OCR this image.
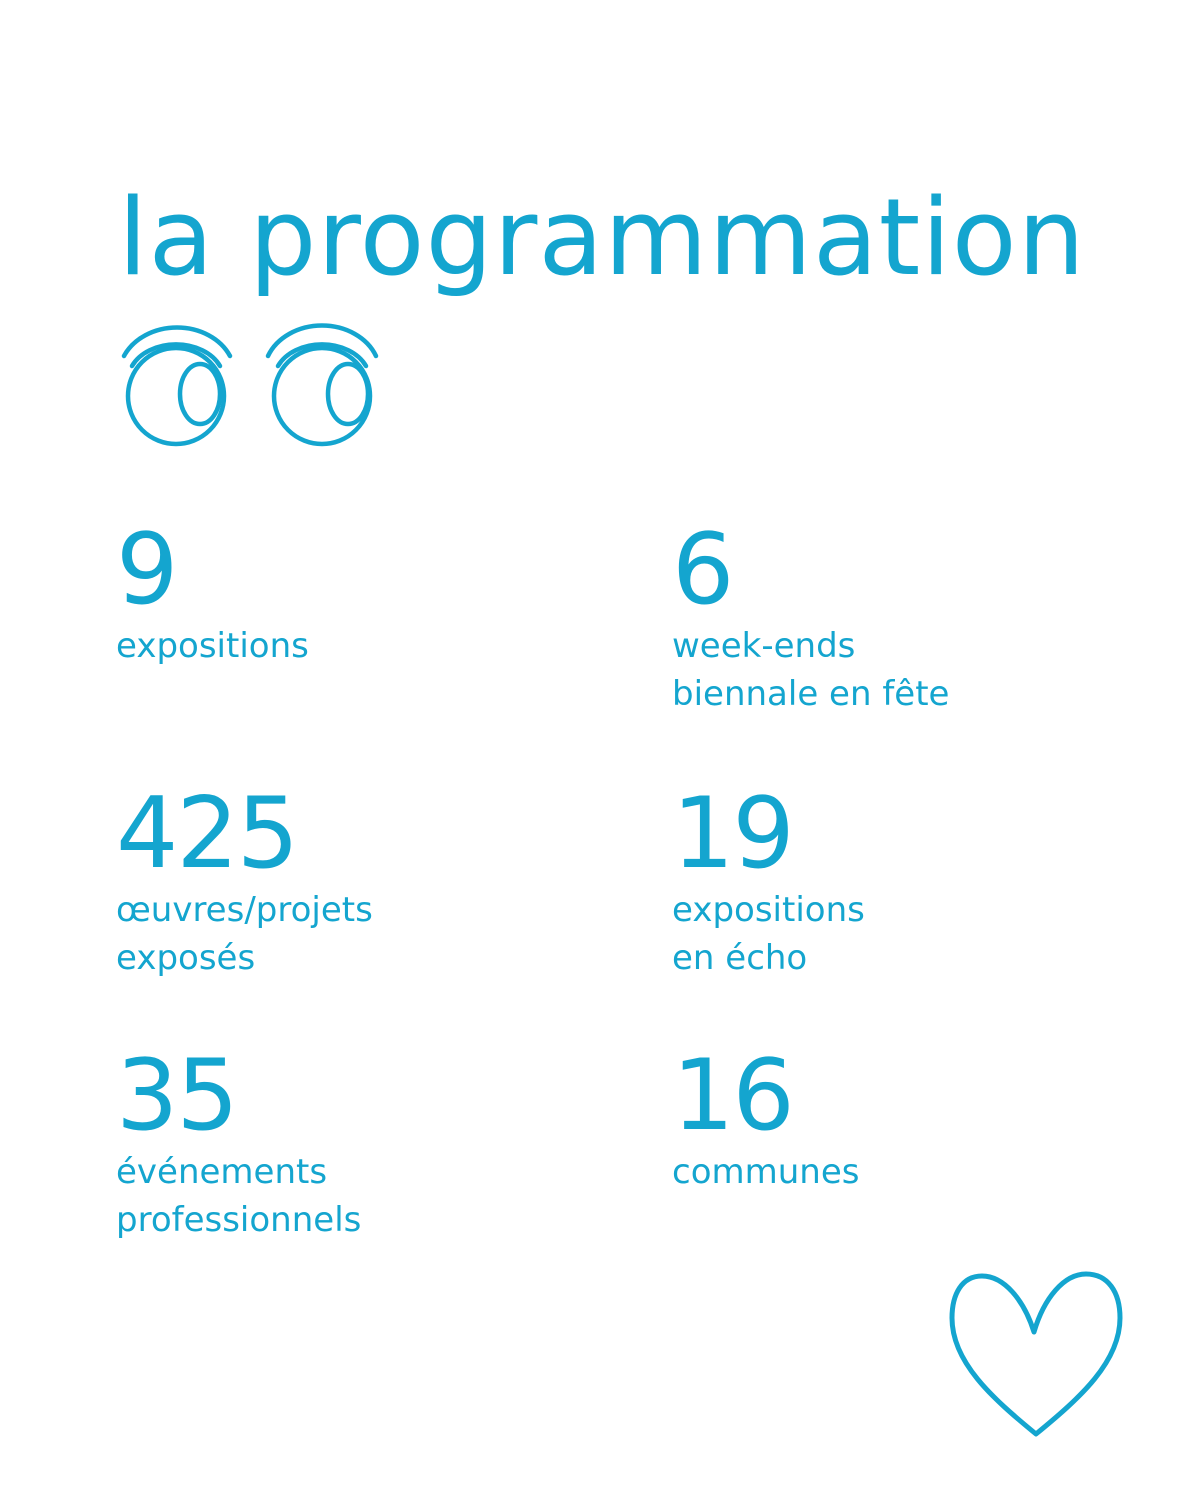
la programmation
9
expositions
6
week-ends
biennale en fête
425
œuvres/projets
exposés
19
expositions
en écho
35
événements
professionnels
16
communes
